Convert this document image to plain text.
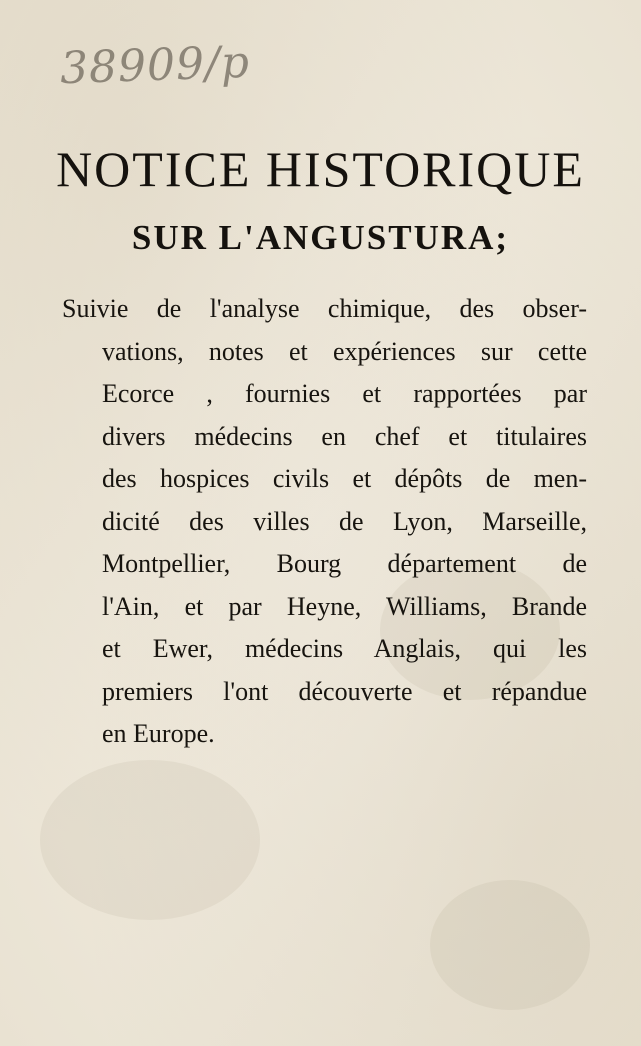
38909/p
NOTICE HISTORIQUE
SUR L'ANGUSTURA;

Suivie de l'analyse chimique, des obser-
vations, notes et expériences sur cette
Ecorce , fournies et rapportées par
divers médecins en chef et titulaires
des hospices civils et dépôts de men-
dicité des villes de Lyon, Marseille,
Montpellier, Bourg département de
l'Ain, et par Heyne, Williams, Brande
et Ewer, médecins Anglais, qui les
premiers l'ont découverte et répandue
en Europe.
